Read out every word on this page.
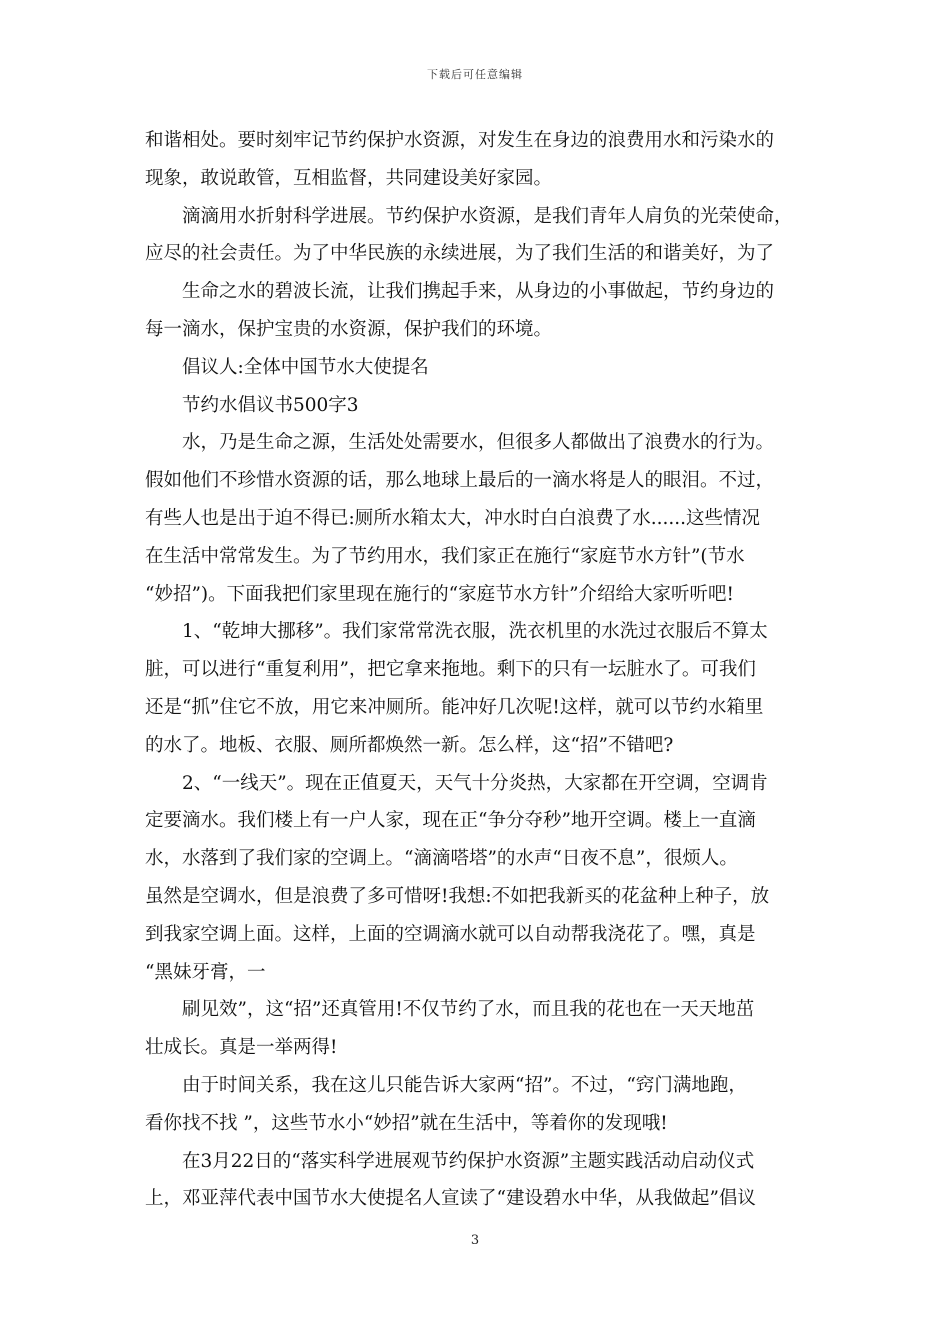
下载后可任意编辑
和谐相处。要时刻牢记节约保护水资源，对发生在身边的浪费用水和污染水的
现象，敢说敢管，互相监督，共同建设美好家园。
滴滴用水折射科学进展。节约保护水资源，是我们青年人肩负的光荣使命，
应尽的社会责任。为了中华民族的永续进展，为了我们生活的和谐美好，为了
生命之水的碧波长流，让我们携起手来，从身边的小事做起，节约身边的
每一滴水，保护宝贵的水资源，保护我们的环境。
倡议人:全体中国节水大使提名
节约水倡议书500字3
水，乃是生命之源，生活处处需要水，但很多人都做出了浪费水的行为。
假如他们不珍惜水资源的话，那么地球上最后的一滴水将是人的眼泪。不过，
有些人也是出于迫不得已:厕所水箱太大，冲水时白白浪费了水......这些情况
在生活中常常发生。为了节约用水，我们家正在施行“家庭节水方针”(节水
“妙招”)。下面我把们家里现在施行的“家庭节水方针”介绍给大家听听吧!
1、“乾坤大挪移”。我们家常常洗衣服，洗衣机里的水洗过衣服后不算太
脏，可以进行“重复利用”，把它拿来拖地。剩下的只有一坛脏水了。可我们
还是“抓”住它不放，用它来冲厕所。能冲好几次呢!这样，就可以节约水箱里
的水了。地板、衣服、厕所都焕然一新。怎么样，这“招”不错吧?
2、“一线天”。现在正值夏天，天气十分炎热，大家都在开空调，空调肯
定要滴水。我们楼上有一户人家，现在正“争分夺秒”地开空调。楼上一直滴
水，水落到了我们家的空调上。“滴滴嗒塔”的水声“日夜不息”，很烦人。
虽然是空调水，但是浪费了多可惜呀!我想:不如把我新买的花盆种上种子，放
到我家空调上面。这样，上面的空调滴水就可以自动帮我浇花了。嘿，真是
“黑妹牙膏，一
刷见效”，这“招”还真管用!不仅节约了水，而且我的花也在一天天地茁
壮成长。真是一举两得!
由于时间关系，我在这儿只能告诉大家两“招”。不过，“窍门满地跑，
看你找不找 ”，这些节水小“妙招”就在生活中，等着你的发现哦!
在3月22日的“落实科学进展观节约保护水资源”主题实践活动启动仪式
上，邓亚萍代表中国节水大使提名人宣读了“建设碧水中华，从我做起”倡议
3
